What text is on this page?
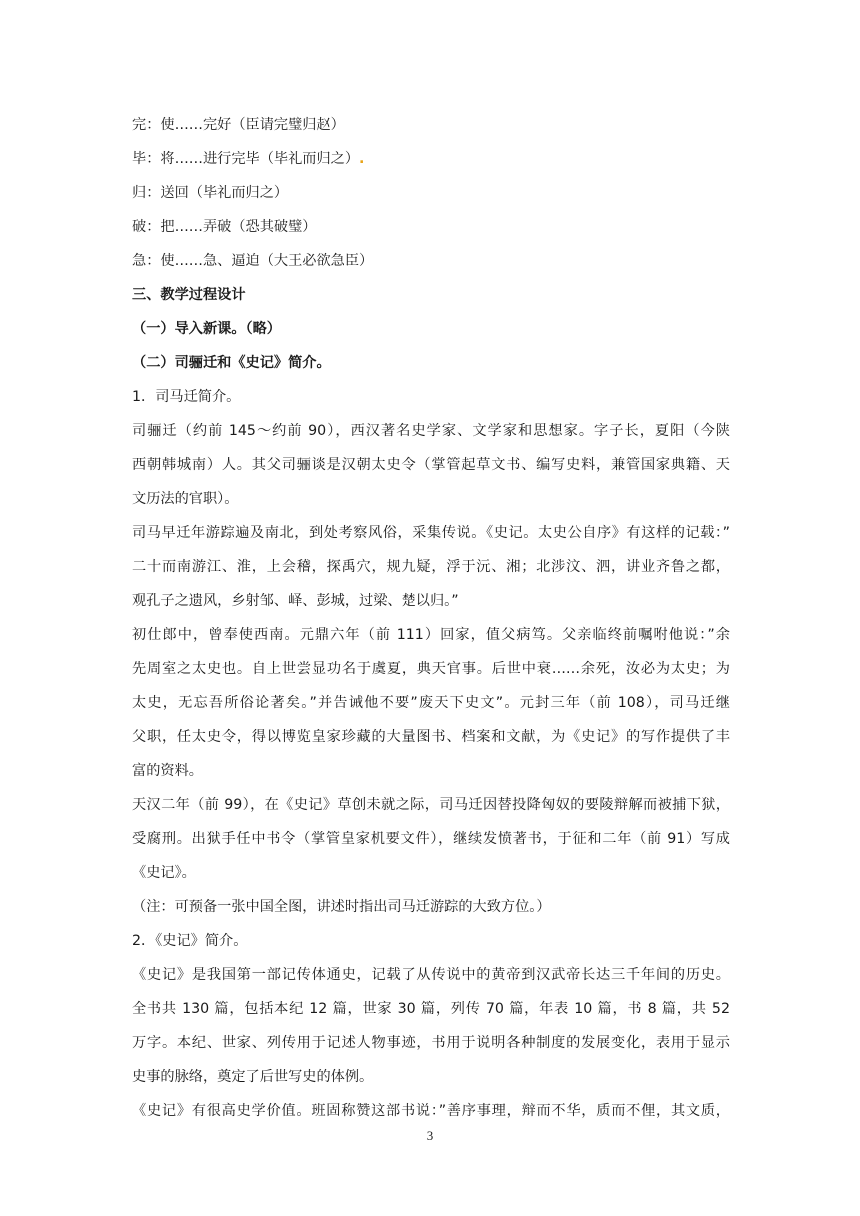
完：使……完好（臣请完璧归赵）
毕：将……进行完毕（毕礼而归之）.
归：送回（毕礼而归之）
破：把……弄破（恐其破璧）
急：使……急、逼迫（大王必欲急臣）
三、教学过程设计
（一）导入新课。（略）
（二）司骊迁和《史记》简介。
1．司马迁简介。
司骊迁（约前 145～约前 90），西汉著名史学家、文学家和思想家。字子长，夏阳（今陕
西朝韩城南）人。其父司骊谈是汉朝太史令（掌管起草文书、编写史料，兼管国家典籍、天
文历法的官职）。
司马早迁年游踪遍及南北，到处考察风俗，采集传说。《史记。太史公自序》有这样的记载：”
二十而南游江、淮，上会稽，探禹穴，规九疑，浮于沅、湘；北涉汶、泗，讲业齐鲁之都，
观孔子之遗风，乡射邹、峄、彭城，过梁、楚以归。”
初仕郎中，曾奉使西南。元鼎六年（前 111）回家，值父病笃。父亲临终前嘱咐他说：”余
先周室之太史也。自上世尝显功名于虞夏，典天官事。后世中衰……余死，汝必为太史；为
太史，无忘吾所俗论著矣。”并告诫他不要”废天下史文”。元封三年（前 108），司马迁继
父职，任太史令，得以博览皇家珍藏的大量图书、档案和文献，为《史记》的写作提供了丰
富的资料。
天汉二年（前 99），在《史记》草创未就之际，司马迁因替投降匈奴的要陵辩解而被捕下狱，
受腐刑。出狱手任中书令（掌管皇家机要文件），继续发愤著书，于征和二年（前 91）写成
《史记》。
（注：可预备一张中国全图，讲述时指出司马迁游踪的大致方位。）
2．《史记》简介。
《史记》是我国第一部记传体通史，记载了从传说中的黄帝到汉武帝长达三千年间的历史。
全书共 130 篇，包括本纪 12 篇，世家 30 篇，列传 70 篇，年表 10 篇，书 8 篇，共 52
万字。本纪、世家、列传用于记述人物事迹，书用于说明各种制度的发展变化，表用于显示
史事的脉络，奠定了后世写史的体例。
《史记》有很高史学价值。班固称赞这部书说：”善序事理，辩而不华，质而不俚，其文质，
3
